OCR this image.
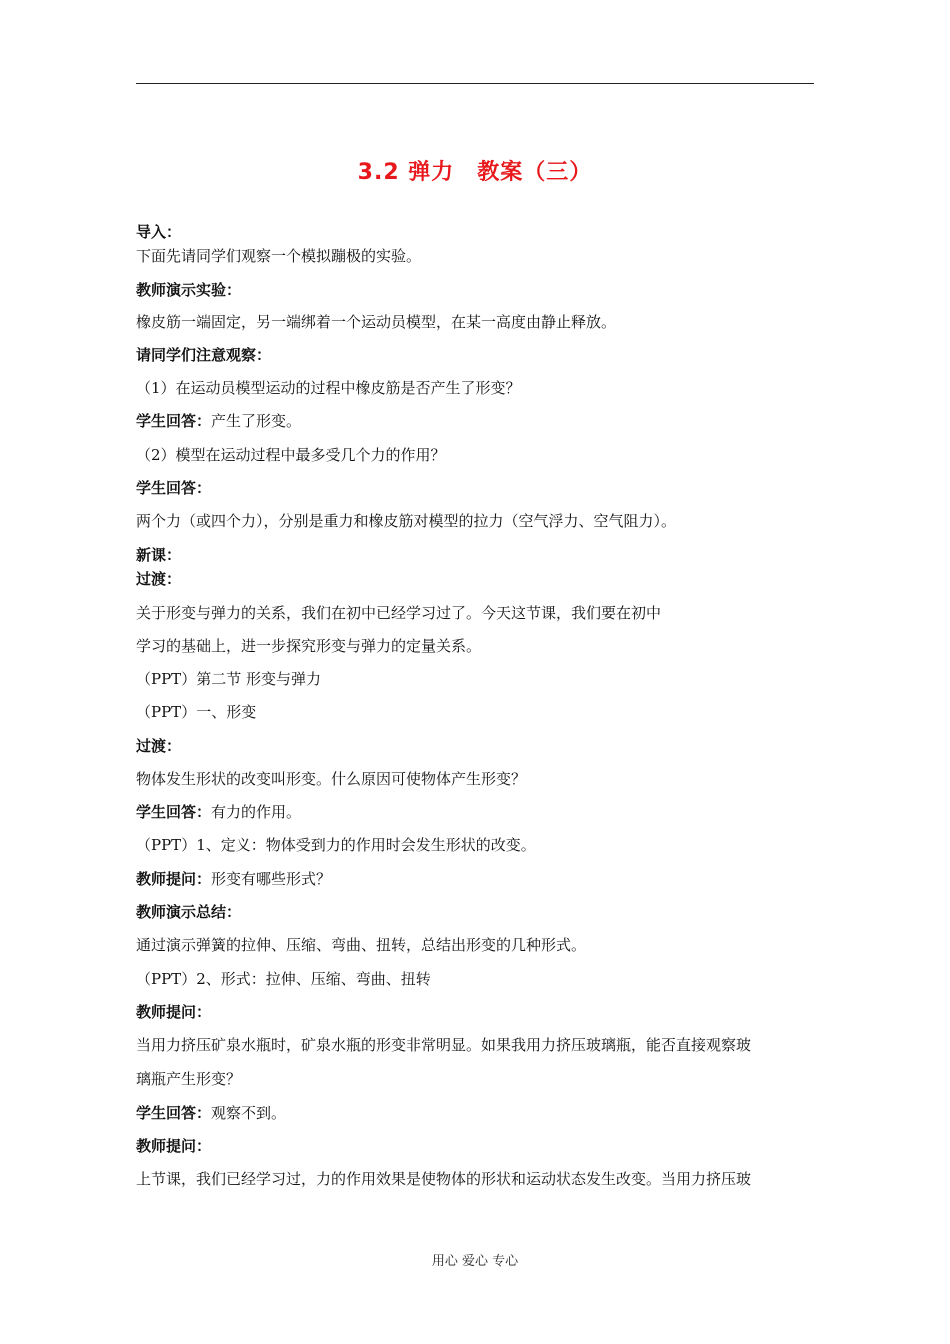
3.2 弹力　教案（三）
导入：
下面先请同学们观察一个模拟蹦极的实验。
教师演示实验：
橡皮筋一端固定，另一端绑着一个运动员模型，在某一高度由静止释放。
请同学们注意观察：
（1）在运动员模型运动的过程中橡皮筋是否产生了形变？
学生回答：产生了形变。
（2）模型在运动过程中最多受几个力的作用？
学生回答：
两个力（或四个力），分别是重力和橡皮筋对模型的拉力（空气浮力、空气阻力）。
新课：
过渡：
关于形变与弹力的关系，我们在初中已经学习过了。今天这节课，我们要在初中
学习的基础上，进一步探究形变与弹力的定量关系。
（PPT）第二节 形变与弹力
（PPT）一、形变
过渡：
物体发生形状的改变叫形变。什么原因可使物体产生形变？
学生回答：有力的作用。
（PPT）1、定义：物体受到力的作用时会发生形状的改变。
教师提问：形变有哪些形式？
教师演示总结：
通过演示弹簧的拉伸、压缩、弯曲、扭转，总结出形变的几种形式。
（PPT）2、形式：拉伸、压缩、弯曲、扭转
教师提问：
当用力挤压矿泉水瓶时，矿泉水瓶的形变非常明显。如果我用力挤压玻璃瓶，能否直接观察玻
璃瓶产生形变？
学生回答：观察不到。
教师提问：
上节课，我们已经学习过，力的作用效果是使物体的形状和运动状态发生改变。当用力挤压玻
用心 爱心 专心
